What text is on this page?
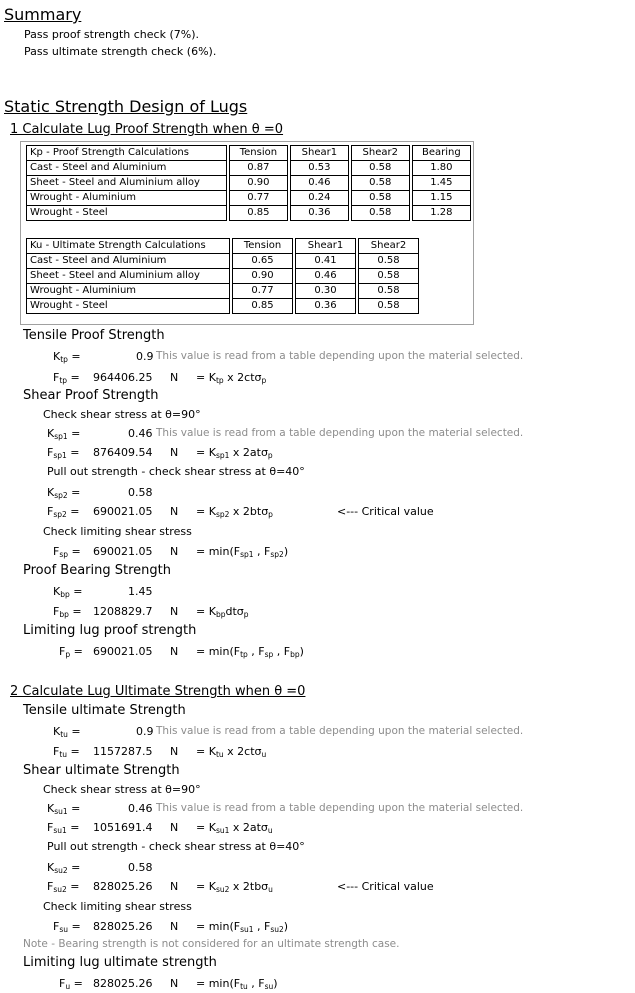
Summary
Pass proof strength check (7%).
Pass ultimate strength check (6%).
Static Strength Design of Lugs
1 Calculate Lug Proof Strength when θ =0
Kp - Proof Strength Calculations	Tension	Shear1	Shear2	Bearing
Cast - Steel and Aluminium	0.87	0.53	0.58	1.80
Sheet - Steel and Aluminium alloy	0.90	0.46	0.58	1.45
Wrought - Aluminium	0.77	0.24	0.58	1.15
Wrought - Steel	0.85	0.36	0.58	1.28
Ku - Ultimate Strength Calculations	Tension	Shear1	Shear2
Cast - Steel and Aluminium	0.65	0.41	0.58
Sheet - Steel and Aluminium alloy	0.90	0.46	0.58
Wrought - Aluminium	0.77	0.30	0.58
Wrought - Steel	0.85	0.36	0.58
Tensile Proof Strength
$K_{tp}$ =	0.9 This value is read from a table depending upon the material selected.
$F_{tp} = 964406.25$ $N = K_{tp}$ x 2ctσ$_p$
Shear Proof Strength
Check shear stress at θ=90°
$K_{sp1}$ =	0.46 This value is read from a table depending upon the material selected.
$F_{sp1} = 876409.54$ $N = K_{sp1}$ x 2atσ$_p$
Pull out strength - check shear stress at θ=40°
$K_{sp2}$ =	0.58
$F_{sp2} = 690021.05$ $N = K_{sp2}$ x 2btσ$_p$	<--- Critical value
Check limiting shear stress
$F_{sp} = 690021.05$ $N = \min(F_{sp1}$ , $F_{sp2}$)
Proof Bearing Strength
$K_{bp}$ =	1.45
$F_{bp} = 1208829.7$ $N = K_{bp}dt\sigma_p$
Limiting lug proof strength
$F_p = 690021.05$ $N = \min(F_{tp}$ , $F_{sp}$ , $F_{bp}$)
2 Calculate Lug Ultimate Strength when θ =0
Tensile ultimate Strength
$K_{tu}$ =	0.9 This value is read from a table depending upon the material selected.
$F_{tu} = 1157287.5$ $N = K_{tu}$ x 2ctσ$_u$
Shear ultimate Strength
Check shear stress at θ=90°
$K_{su1}$ =	0.46 This value is read from a table depending upon the material selected.
$F_{su1} = 1051691.4$ $N = K_{su1}$ x 2atσ$_u$
Pull out strength - check shear stress at θ=40°
$K_{su2}$ =	0.58
$F_{su2} = 828025.26$ $N = K_{su2}$ x 2tbσ$_u$	<--- Critical value
Check limiting shear stress
$F_{su} = 828025.26$ $N = \min(F_{su1}$ , $F_{su2}$)
Note - Bearing strength is not considered for an ultimate strength case.
Limiting lug ultimate strength
$F_u = 828025.26$ $N = \min(F_{tu}$ , $F_{su}$)
